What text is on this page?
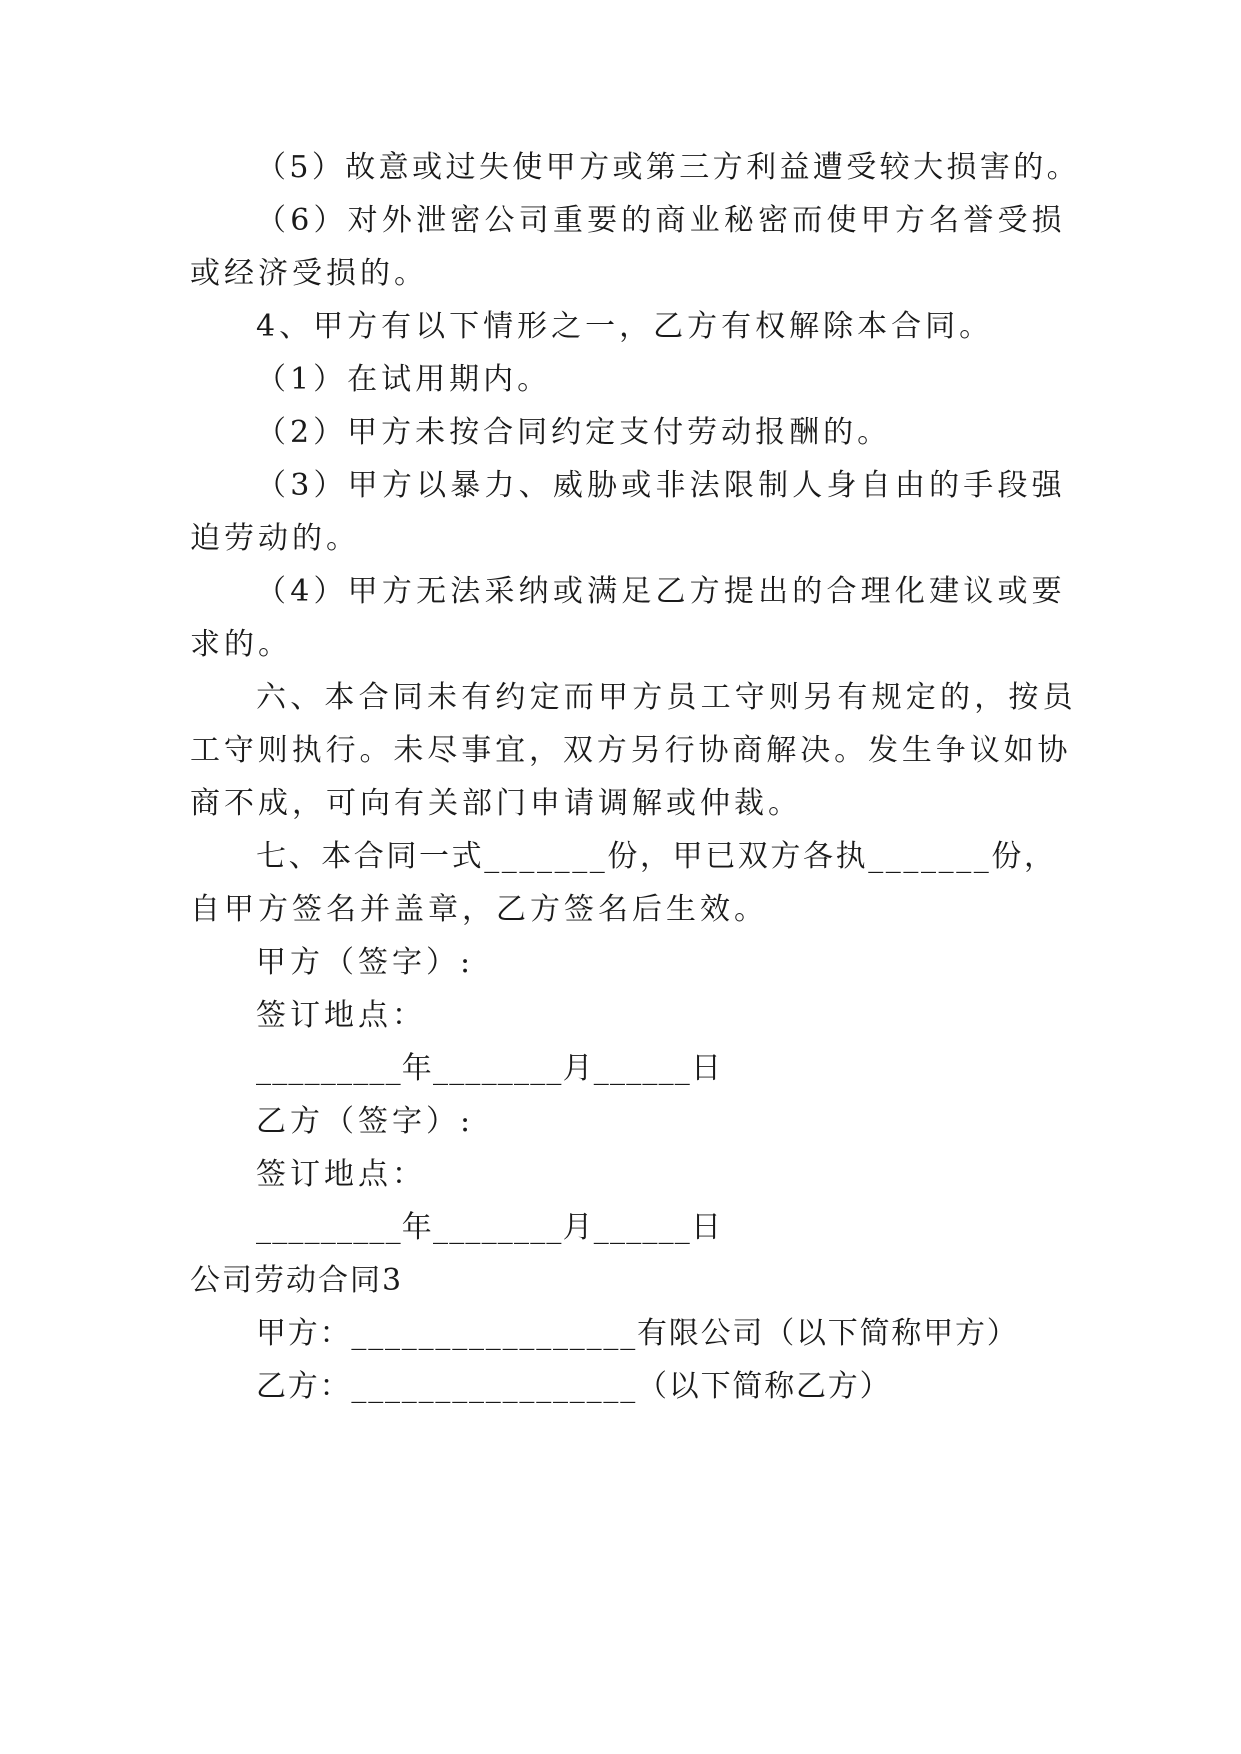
（5）故意或过失使甲方或第三方利益遭受较大损害的。
（6）对外泄密公司重要的商业秘密而使甲方名誉受损
或经济受损的。
4、甲方有以下情形之一，乙方有权解除本合同。
（1）在试用期内。
（2）甲方未按合同约定支付劳动报酬的。
（3）甲方以暴力、威胁或非法限制人身自由的手段强
迫劳动的。
（4）甲方无法采纳或满足乙方提出的合理化建议或要
求的。
六、本合同未有约定而甲方员工守则另有规定的，按员
工守则执行。未尽事宜，双方另行协商解决。发生争议如协
商不成，可向有关部门申请调解或仲裁。
七、本合同一式_______份，甲已双方各执_______份，
自甲方签名并盖章，乙方签名后生效。
甲方（签字）:
签订地点：
_________年________月______日
乙方（签字）:
签订地点：
_________年________月______日
公司劳动合同3
甲方：_________________有限公司（以下简称甲方）
乙方：_________________（以下简称乙方）
